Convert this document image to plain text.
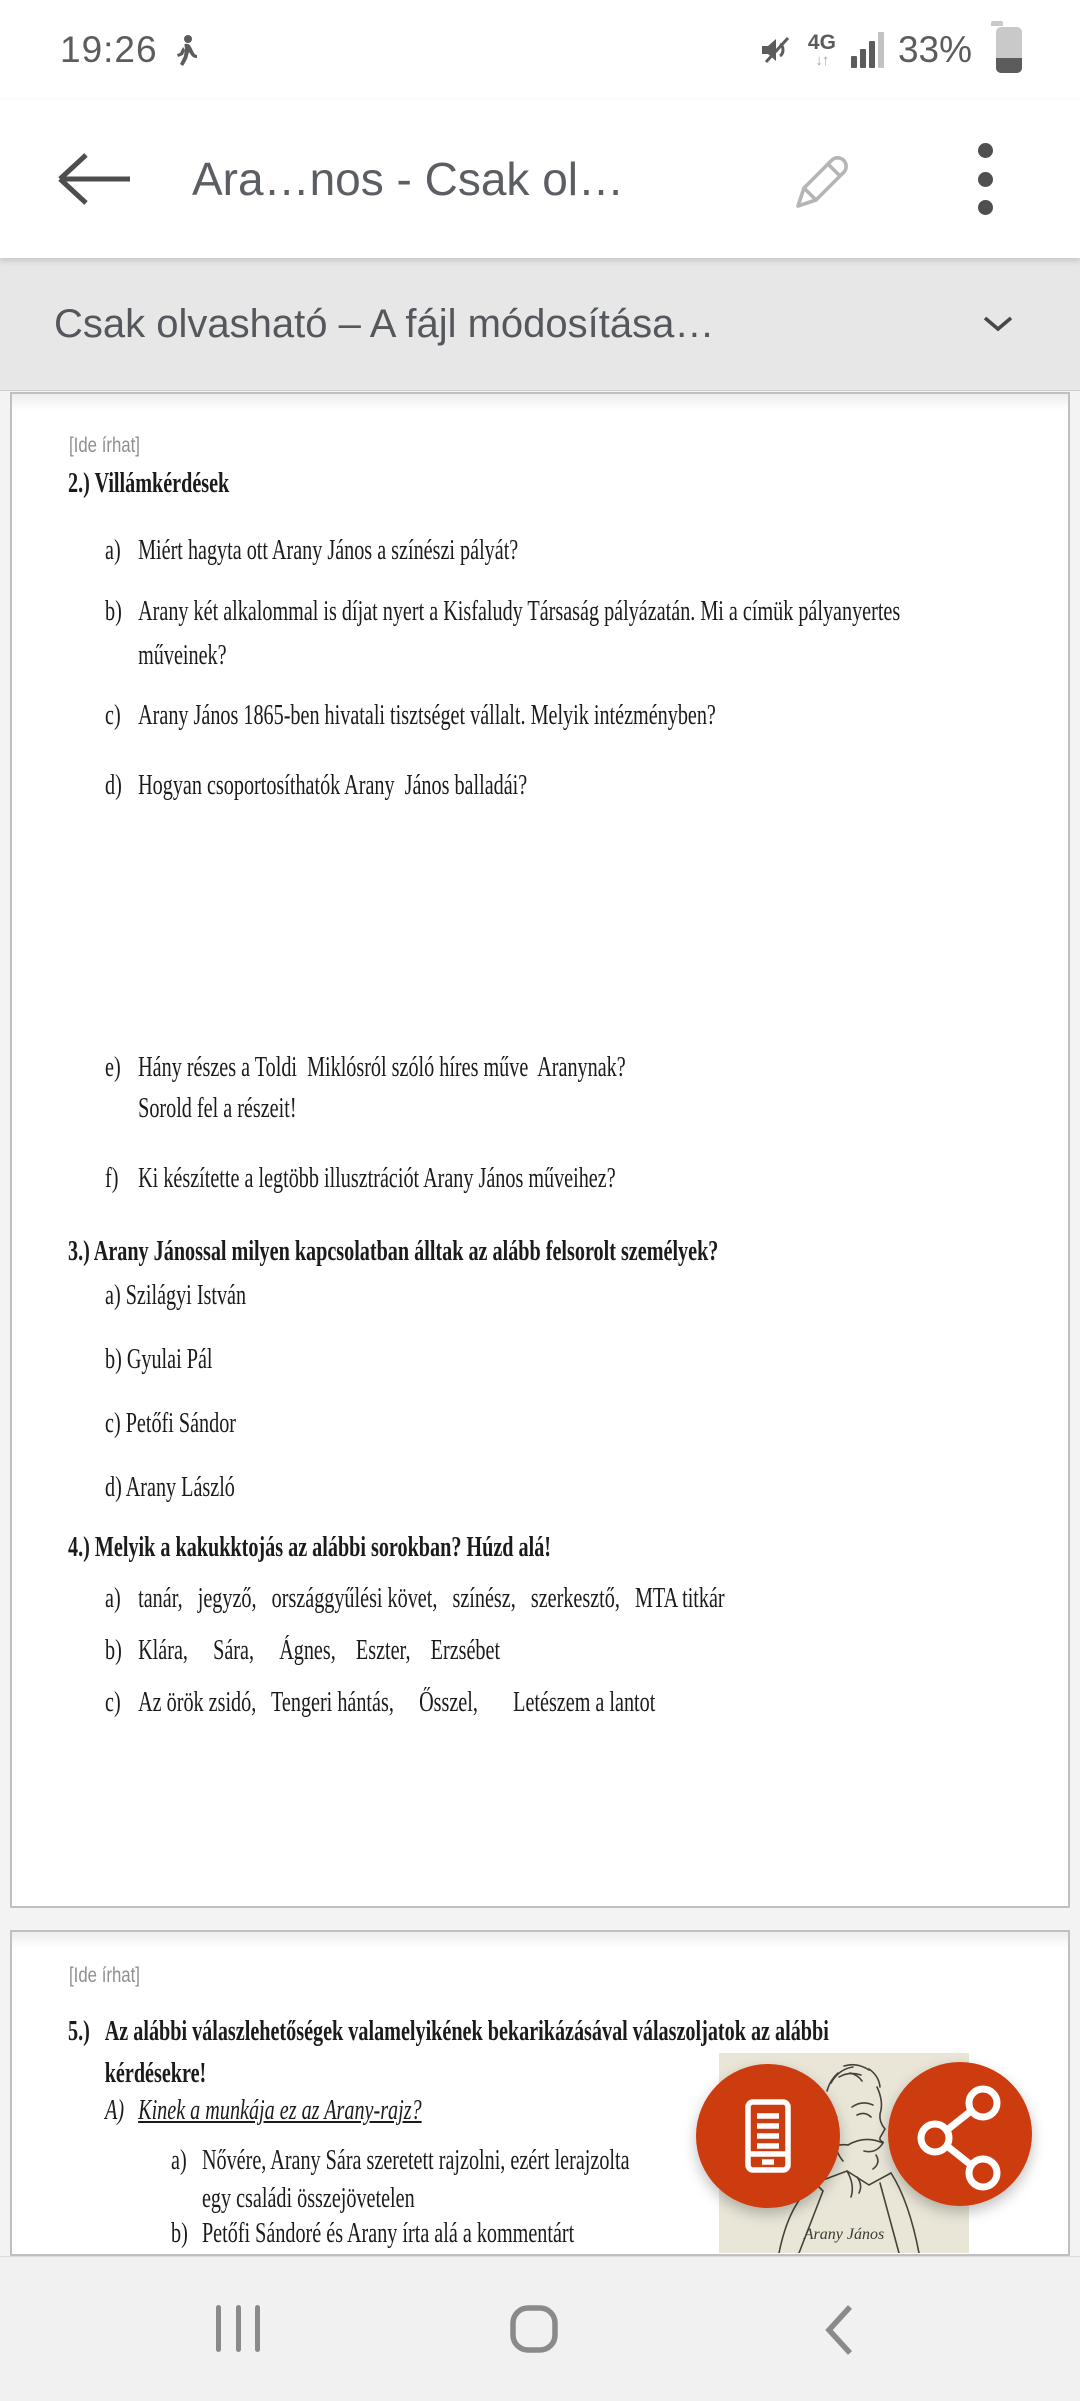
19:26	4G
↓↑ 33%
Ara…nos - Csak ol…
Csak olvasható – A fájl módosítása…
[Ide írhat]
2.) Villámkérdések
a) Miért hagyta ott Arany János a színészi pályát?
b) Arany két alkalommal is díjat nyert a Kisfaludy Társaság pályázatán. Mi a címük pályanyertes
műveinek?
c) Arany János 1865-ben hivatali tisztséget vállalt. Melyik intézményben?
d) Hogyan csoportosíthatók Arany  János balladái?
e) Hány részes a Toldi  Miklósról szóló híres műve  Aranynak?
Sorold fel a részeit!
f) Ki készítette a legtöbb illusztrációt Arany János műveihez?
3.) Arany Jánossal milyen kapcsolatban álltak az alább felsorolt személyek?
a) Szilágyi István
b) Gyulai Pál
c) Petőfi Sándor
d) Arany László
4.) Melyik a kakukktojás az alábbi sorokban? Húzd alá!
a) tanár,   jegyző,   országgyűlési követ,   színész,   szerkesztő,   MTA titkár
b) Klára,     Sára,     Ágnes,    Eszter,    Erzsébet
c) Az örök zsidó,   Tengeri hántás,     Ősszel,       Letészem a lantot
[Ide írhat]
5.) Az alábbi válaszlehetőségek valamelyikének bekarikázásával válaszoljatok az alábbi
kérdésekre!
A) Kinek a munkája ez az Arany-rajz?
a) Nővére, Arany Sára szeretett rajzolni, ezért lerajzolta
egy családi összejövetelen
b) Petőfi Sándoré és Arany írta alá a kommentárt	Arany János
